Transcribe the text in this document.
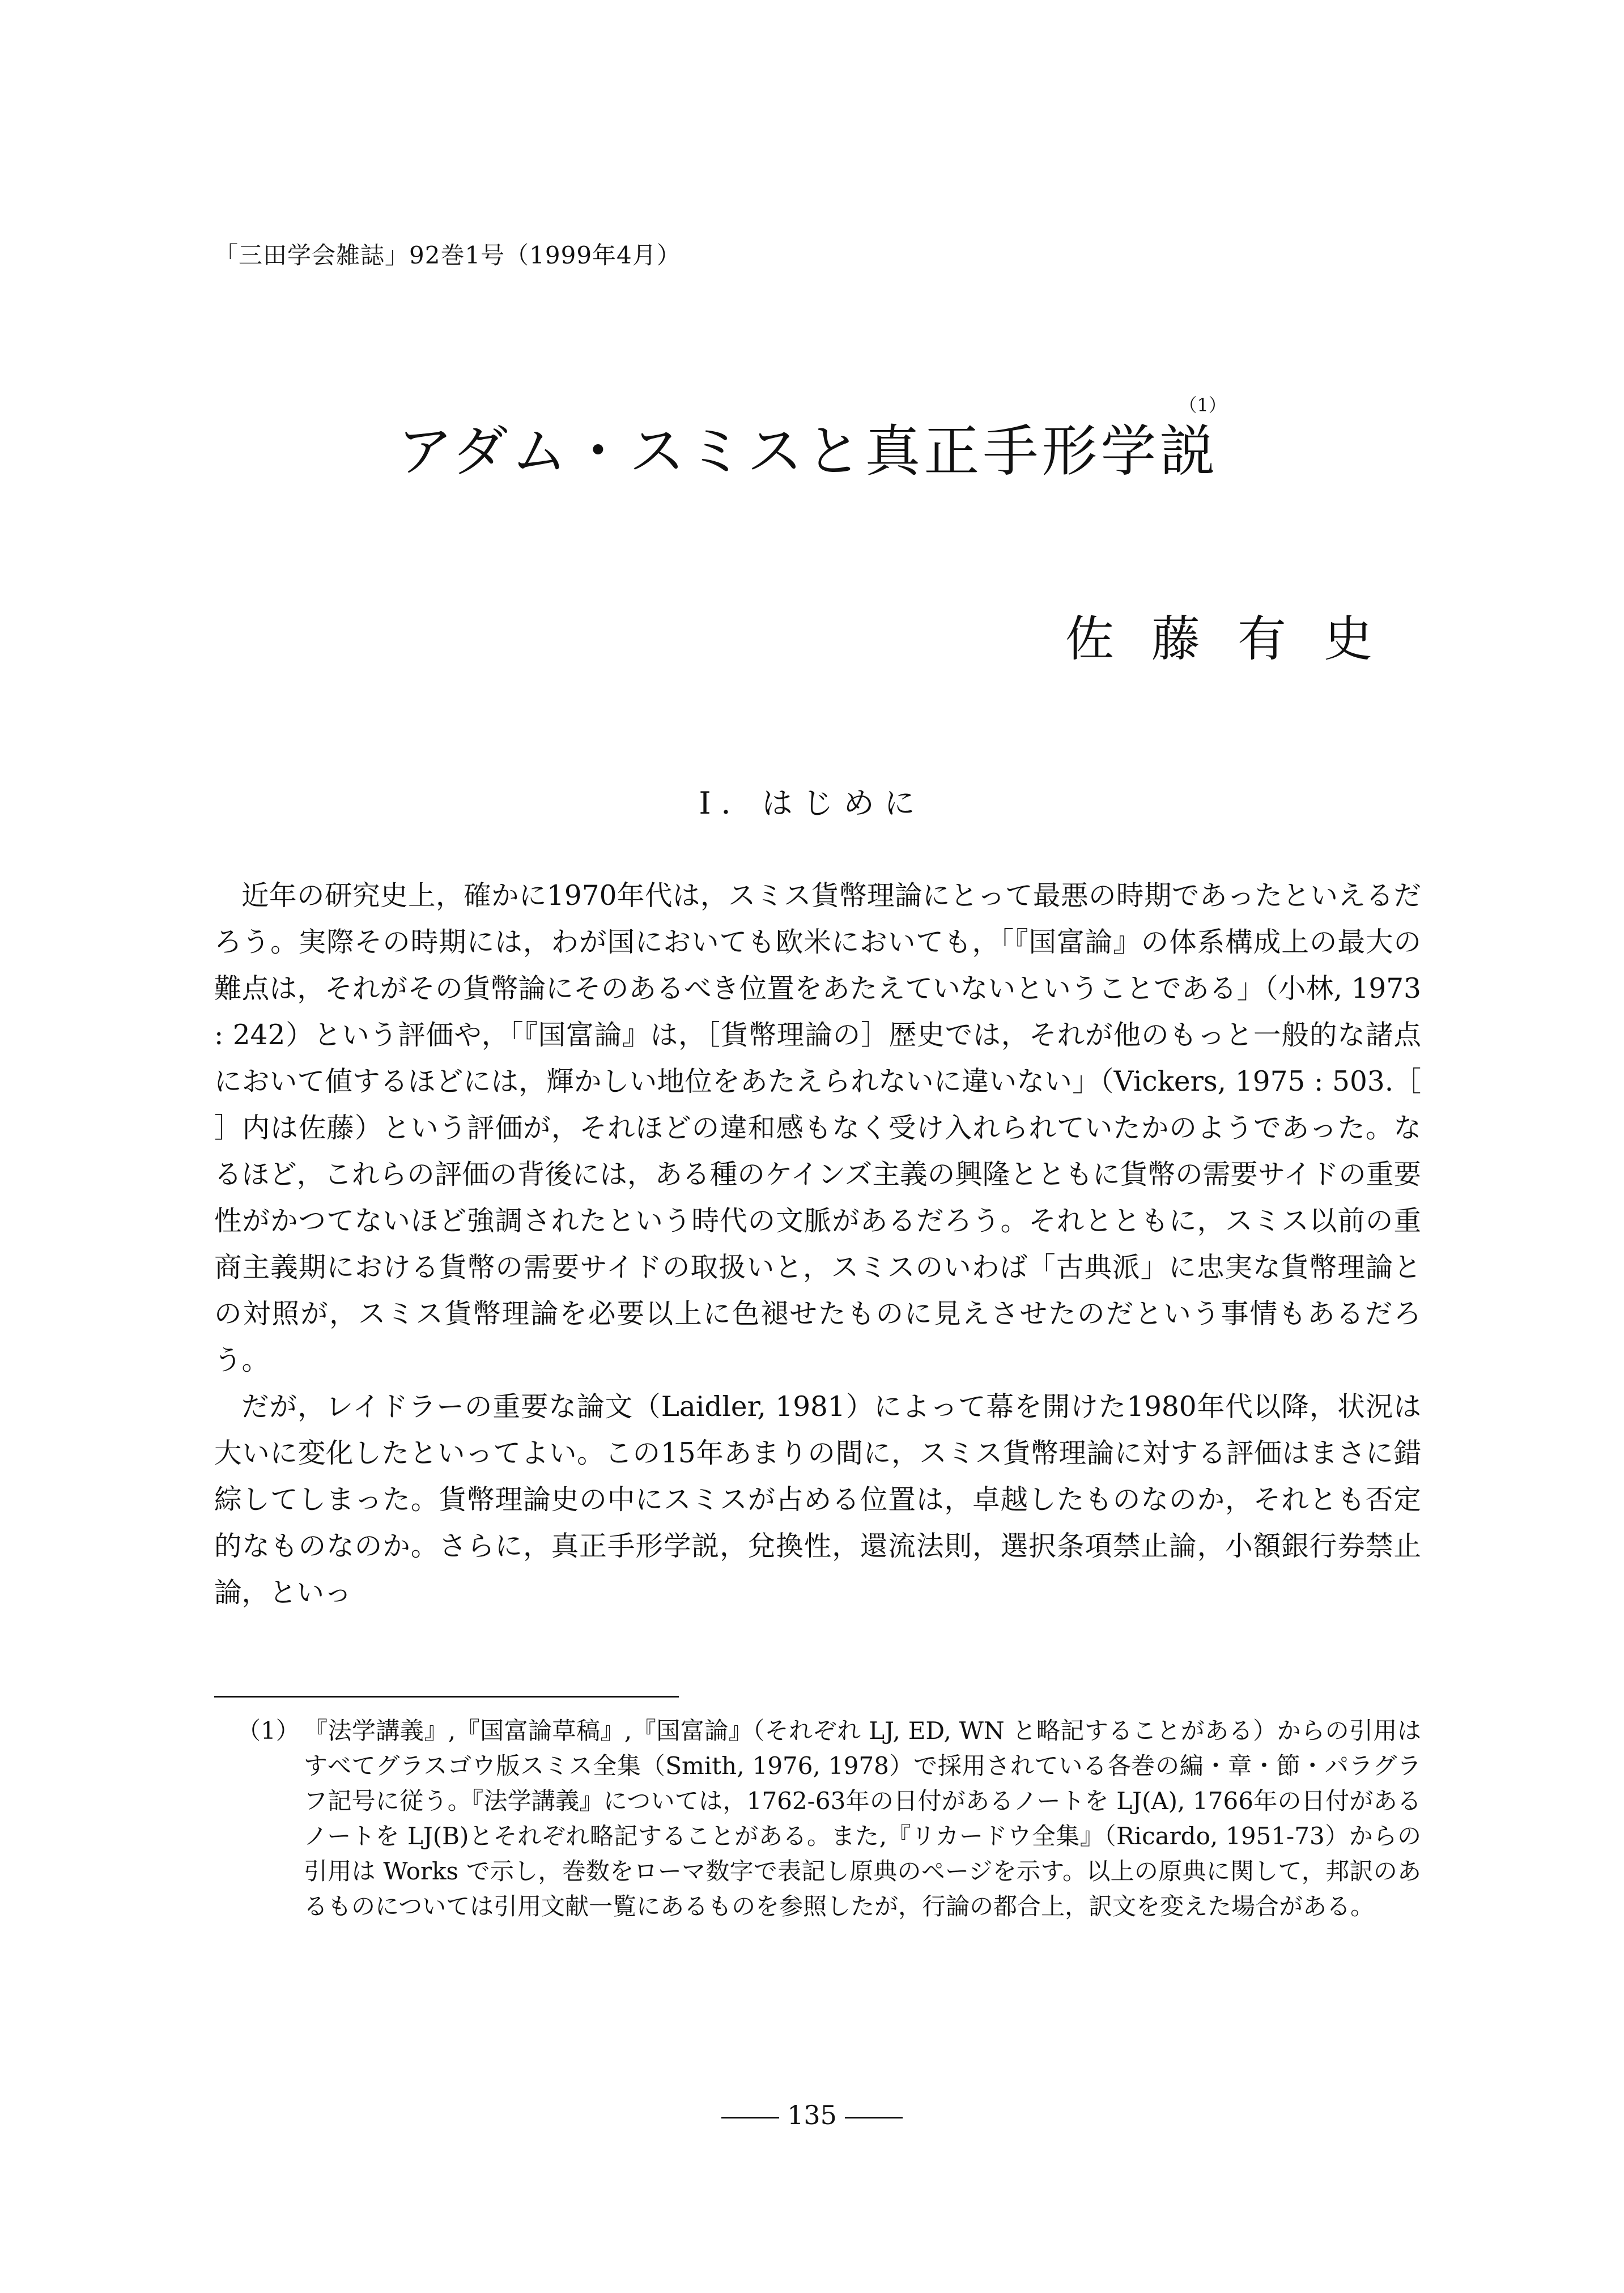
「三田学会雑誌」92巻1号（1999年4月）
アダム・スミスと真正手形学説$^{(1)}$
佐藤有史
Ⅰ．はじめに

近年の研究史上，確かに1970年代は，スミス貨幣理論にとって最悪の時期であったといえるだろう。実際その時期には，わが国においても欧米においても，「『国富論』の体系構成上の最大の難点は，それがその貨幣論にそのあるべき位置をあたえていないということである」（小林, 1973 : 242）という評価や，「『国富論』は，［貨幣理論の］歴史では，それが他のもっと一般的な諸点において値するほどには，輝かしい地位をあたえられないに違いない」（Vickers, 1975 : 503.［ ］内は佐藤）という評価が，それほどの違和感もなく受け入れられていたかのようであった。なるほど，これらの評価の背後には，ある種のケインズ主義の興隆とともに貨幣の需要サイドの重要性がかつてないほど強調されたという時代の文脈があるだろう。それとともに，スミス以前の重商主義期における貨幣の需要サイドの取扱いと，スミスのいわば「古典派」に忠実な貨幣理論との対照が，スミス貨幣理論を必要以上に色褪せたものに見えさせたのだという事情もあるだろう。

だが，レイドラーの重要な論文（Laidler, 1981）によって幕を開けた1980年代以降，状況は大いに変化したといってよい。この15年あまりの間に，スミス貨幣理論に対する評価はまさに錯綜してしまった。貨幣理論史の中にスミスが占める位置は，卓越したものなのか，それとも否定的なものなのか。さらに，真正手形学説，兌換性，還流法則，選択条項禁止論，小額銀行券禁止論，といっ

（1） 『法学講義』,『国富論草稿』,『国富論』（それぞれ LJ, ED, WN と略記することがある）からの引用はすべてグラスゴウ版スミス全集（Smith, 1976, 1978）で採用されている各巻の編・章・節・パラグラフ記号に従う。『法学講義』については，1762-63年の日付があるノートを LJ(A), 1766年の日付があるノートを LJ(B)とそれぞれ略記することがある。また,『リカードウ全集』（Ricardo, 1951-73）からの引用は Works で示し，巻数をローマ数字で表記し原典のページを示す。以上の原典に関して，邦訳のあるものについては引用文献一覧にあるものを参照したが，行論の都合上，訳文を変えた場合がある。
135
